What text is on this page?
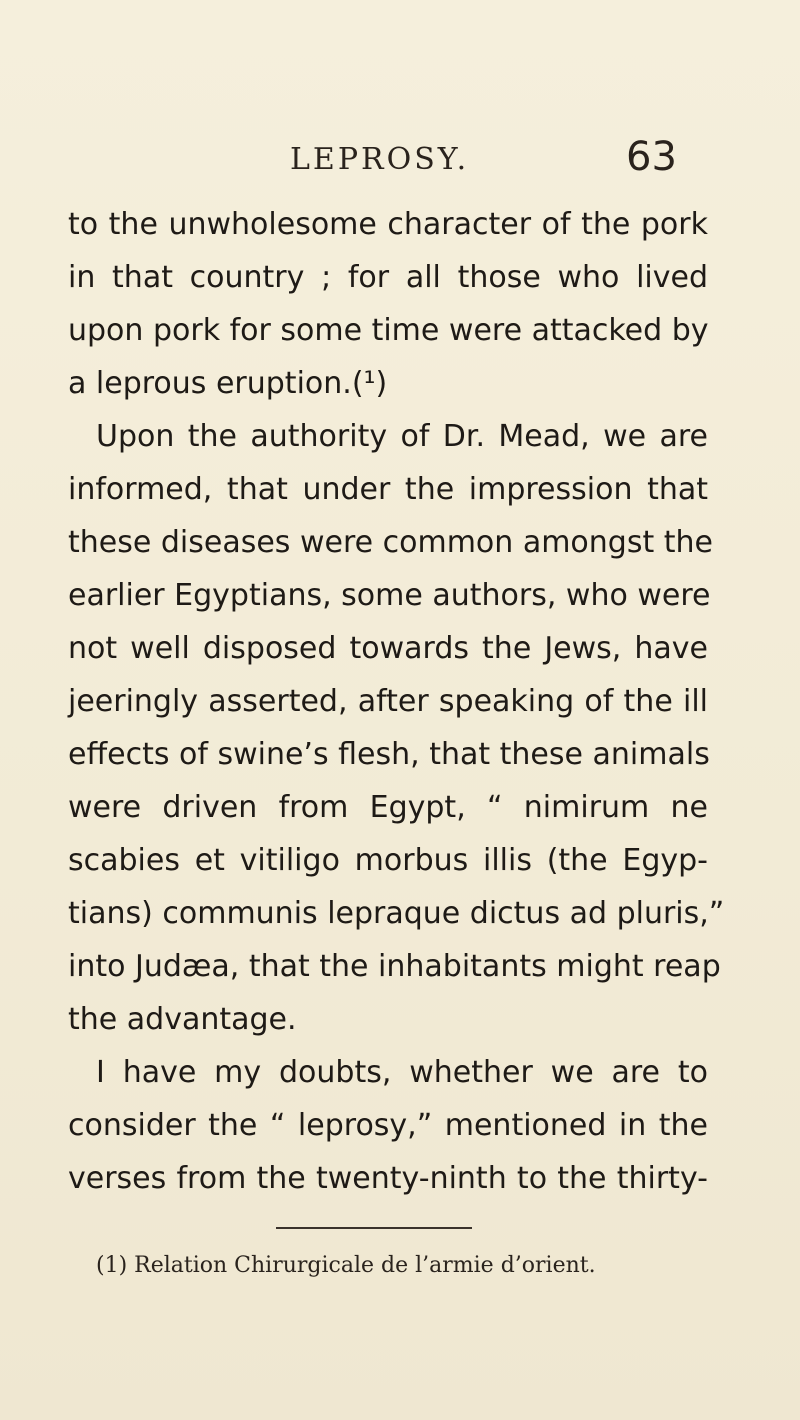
LEPROSY.	63
to the unwholesome character of the pork
in that country ; for all those who lived
upon pork for some time were attacked by
a leprous eruption.(¹)
Upon the authority of Dr. Mead, we are
informed, that under the impression that
these diseases were common amongst the
earlier Egyptians, some authors, who were
not well disposed towards the Jews, have
jeeringly asserted, after speaking of the ill
effects of swine’s flesh, that these animals
were driven from Egypt, “ nimirum ne
scabies et vitiligo morbus illis (the Egyp-
tians) communis lepraque dictus ad pluris,”
into Judæa, that the inhabitants might reap
the advantage.
I have my doubts, whether we are to
consider the “ leprosy,” mentioned in the
verses from the twenty-ninth to the thirty-
(1) Relation Chirurgicale de l’armie d’orient.
